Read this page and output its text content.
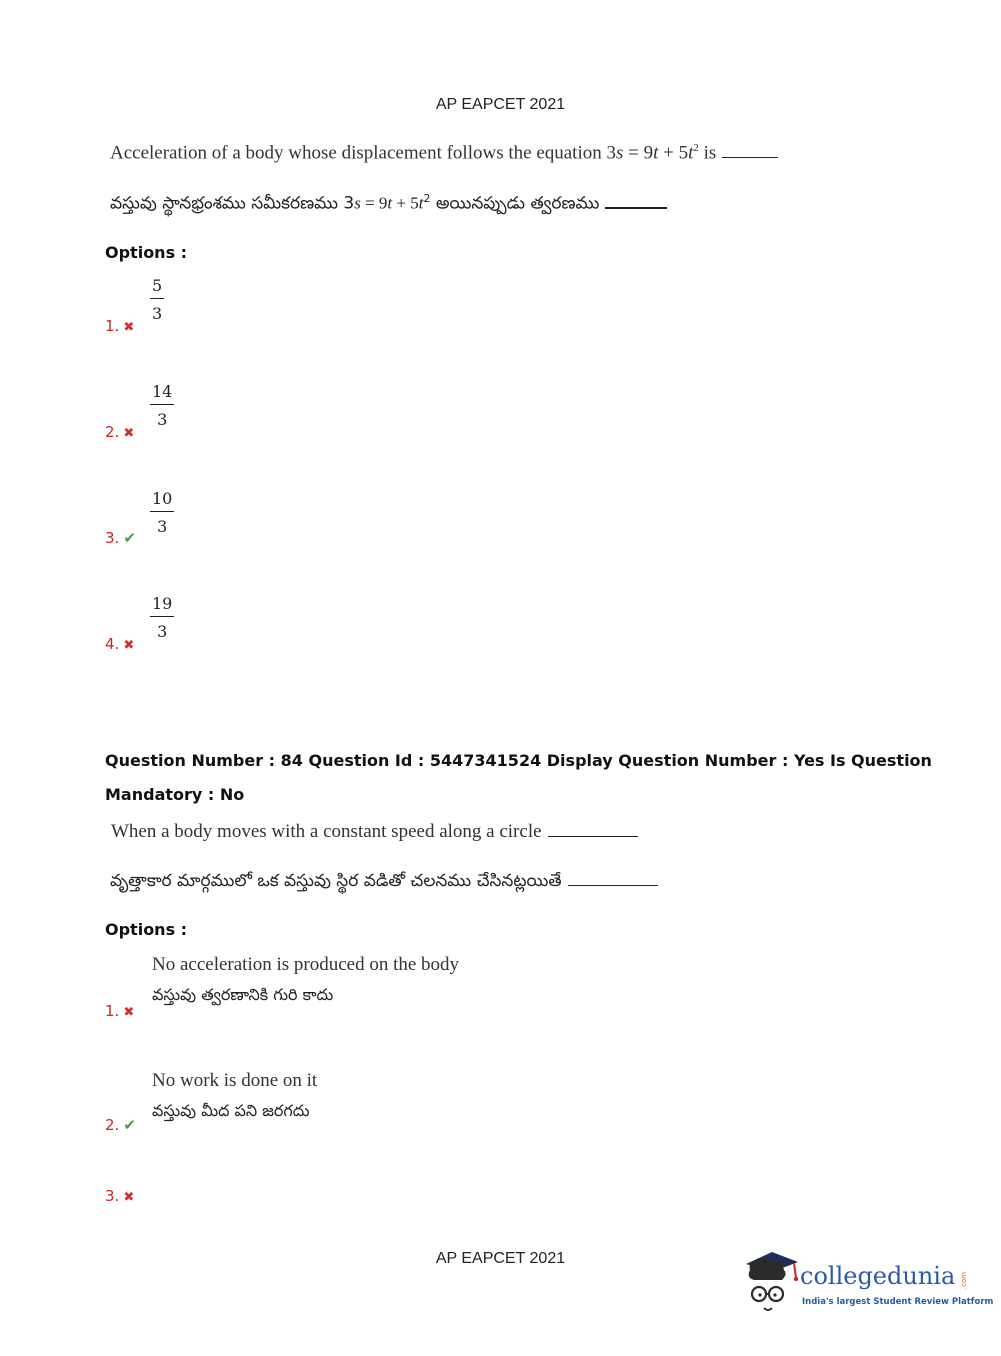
AP EAPCET 2021
Acceleration of a body whose displacement follows the equation $3s = 9t + 5t^2$ is
వస్తువు స్థానభ్రంశము సమీకరణము $3s = 9t + 5t^2$ అయినప్పుడు త్వరణము
Options :
$\frac{5}{3}$
1. ✖
$\frac{14}{3}$
2. ✖
$\frac{10}{3}$
3. ✔
$\frac{19}{3}$
4. ✖
Question Number : 84 Question Id : 5447341524 Display Question Number : Yes Is Question
Mandatory : No
When a body moves with a constant speed along a circle
వృత్తాకార మార్గములో ఒక వస్తువు స్థిర వడితో చలనము చేసినట్లయితే
Options :
No acceleration is produced on the body
వస్తువు త్వరణానికి గురి కాదు
1. ✖
No work is done on it
వస్తువు మీద పని జరగదు
2. ✔
3. ✖
AP EAPCET 2021
collegedunia .com
India's largest Student Review Platform
